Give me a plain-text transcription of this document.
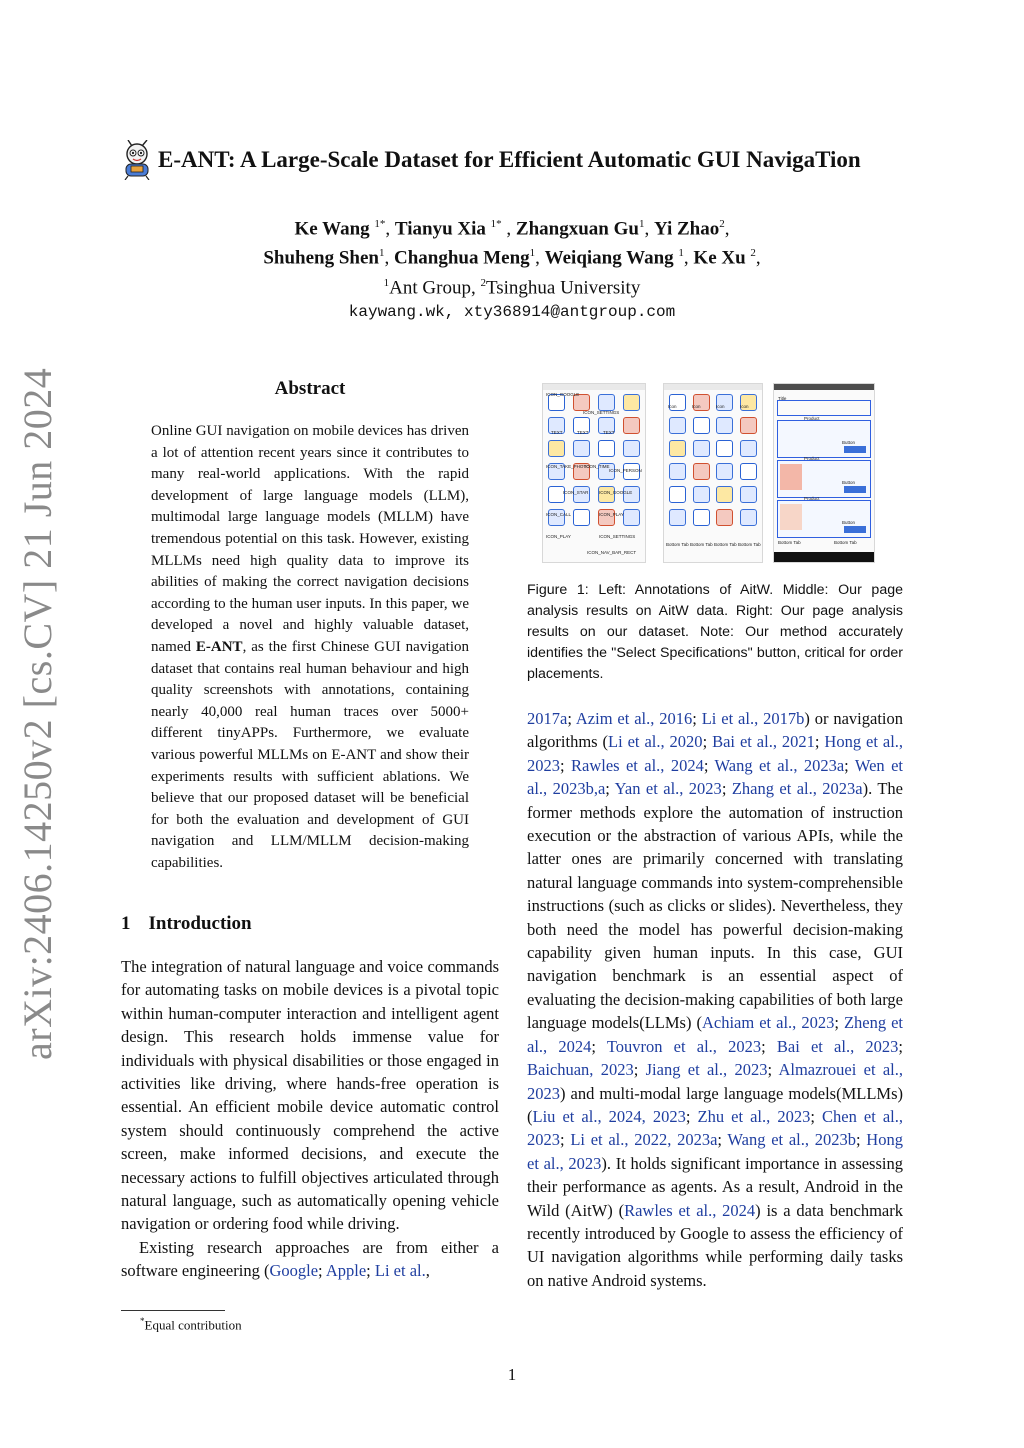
arXiv:2406.14250v2 [cs.CV] 21 Jun 2024
E-ANT: A Large-Scale Dataset for Efficient Automatic GUI NavigaTion
Ke Wang $^{1*}$, Tianyu Xia $^{1*}$ , Zhangxuan Gu$^1$, Yi Zhao$^2$,
Shuheng Shen$^1$, Changhua Meng$^1$, Weiqiang Wang $^1$, Ke Xu $^2$,
$^1$Ant Group, $^2$Tsinghua University
kaywang.wk, xty368914@antgroup.com
Abstract
Online GUI navigation on mobile devices has driven a lot of attention recent years since it contributes to many real-world applications. With the rapid development of large language models (LLM), multimodal large language models (MLLM) have tremendous potential on this task. However, existing MLLMs need high quality data to improve its abilities of making the correct navigation decisions according to the human user inputs. In this paper, we developed a novel and highly valuable dataset, named E-ANT, as the first Chinese GUI navigation dataset that contains real human behaviour and high quality screenshots with annotations, containing nearly 40,000 real human traces over 5000+ different tinyAPPs. Furthermore, we evaluate various powerful MLLMs on E-ANT and show their experiments results with sufficient ablations. We believe that our proposed dataset will be beneficial for both the evaluation and development of GUI navigation and LLM/MLLM decision-making capabilities.
1 Introduction

The integration of natural language and voice commands for automating tasks on mobile devices is a pivotal topic within human-computer interaction and intelligent agent design. This research holds immense value for individuals with physical disabilities or those engaged in activities like driving, where hands-free operation is essential. An efficient mobile device automatic control system should continuously comprehend the active screen, make informed decisions, and execute the necessary actions to fulfill objectives articulated through natural language, such as automatically opening vehicle navigation or ordering food while driving.

Existing research approaches are from either a software engineering (Google; Apple; Li et al.,

*Equal contribution
ICON_GOOGLE
ICON_SETTINGS
TEXT	TEXT	TEXT
ICON_TAKE_PHOTO
ICON_TIME
ICON_PERSON
ICON_STAR ICON_GOOGLE
ICON_CALL	ICON_PLAY
ICON_PLAY	ICON_SETTINGS
ICON_NAV_BAR_RECT
Icon	Icon	Icon	Icon
Bottom Tab Bottom Tab Bottom Tab Bottom Tab
Title
Product
Button
Product
Button
Product
Button
Bottom Tab	Bottom Tab
Figure 1: Left: Annotations of AitW. Middle: Our page analysis results on AitW data. Right: Our page analysis results on our dataset. Note: Our method accurately identifies the "Select Specifications" button, critical for order placements.

2017a; Azim et al., 2016; Li et al., 2017b) or navigation algorithms (Li et al., 2020; Bai et al., 2021; Hong et al., 2023; Rawles et al., 2024; Wang et al., 2023a; Wen et al., 2023b,a; Yan et al., 2023; Zhang et al., 2023a). The former methods explore the automation of instruction execution or the abstraction of various APIs, while the latter ones are primarily concerned with translating natural language commands into system-comprehensible instructions (such as clicks or slides). Nevertheless, they both need the model has powerful decision-making capability given human inputs. In this case, GUI navigation benchmark is an essential aspect of evaluating the decision-making capabilities of both large language models(LLMs) (Achiam et al., 2023; Zheng et al., 2024; Touvron et al., 2023; Bai et al., 2023; Baichuan, 2023; Jiang et al., 2023; Almazrouei et al., 2023) and multi-modal large language models(MLLMs) (Liu et al., 2024, 2023; Zhu et al., 2023; Chen et al., 2023; Li et al., 2022, 2023a; Wang et al., 2023b; Hong et al., 2023). It holds significant importance in assessing their performance as agents. As a result, Android in the Wild (AitW) (Rawles et al., 2024) is a data benchmark recently introduced by Google to assess the efficiency of UI navigation algorithms while performing daily tasks on native Android systems.

1
